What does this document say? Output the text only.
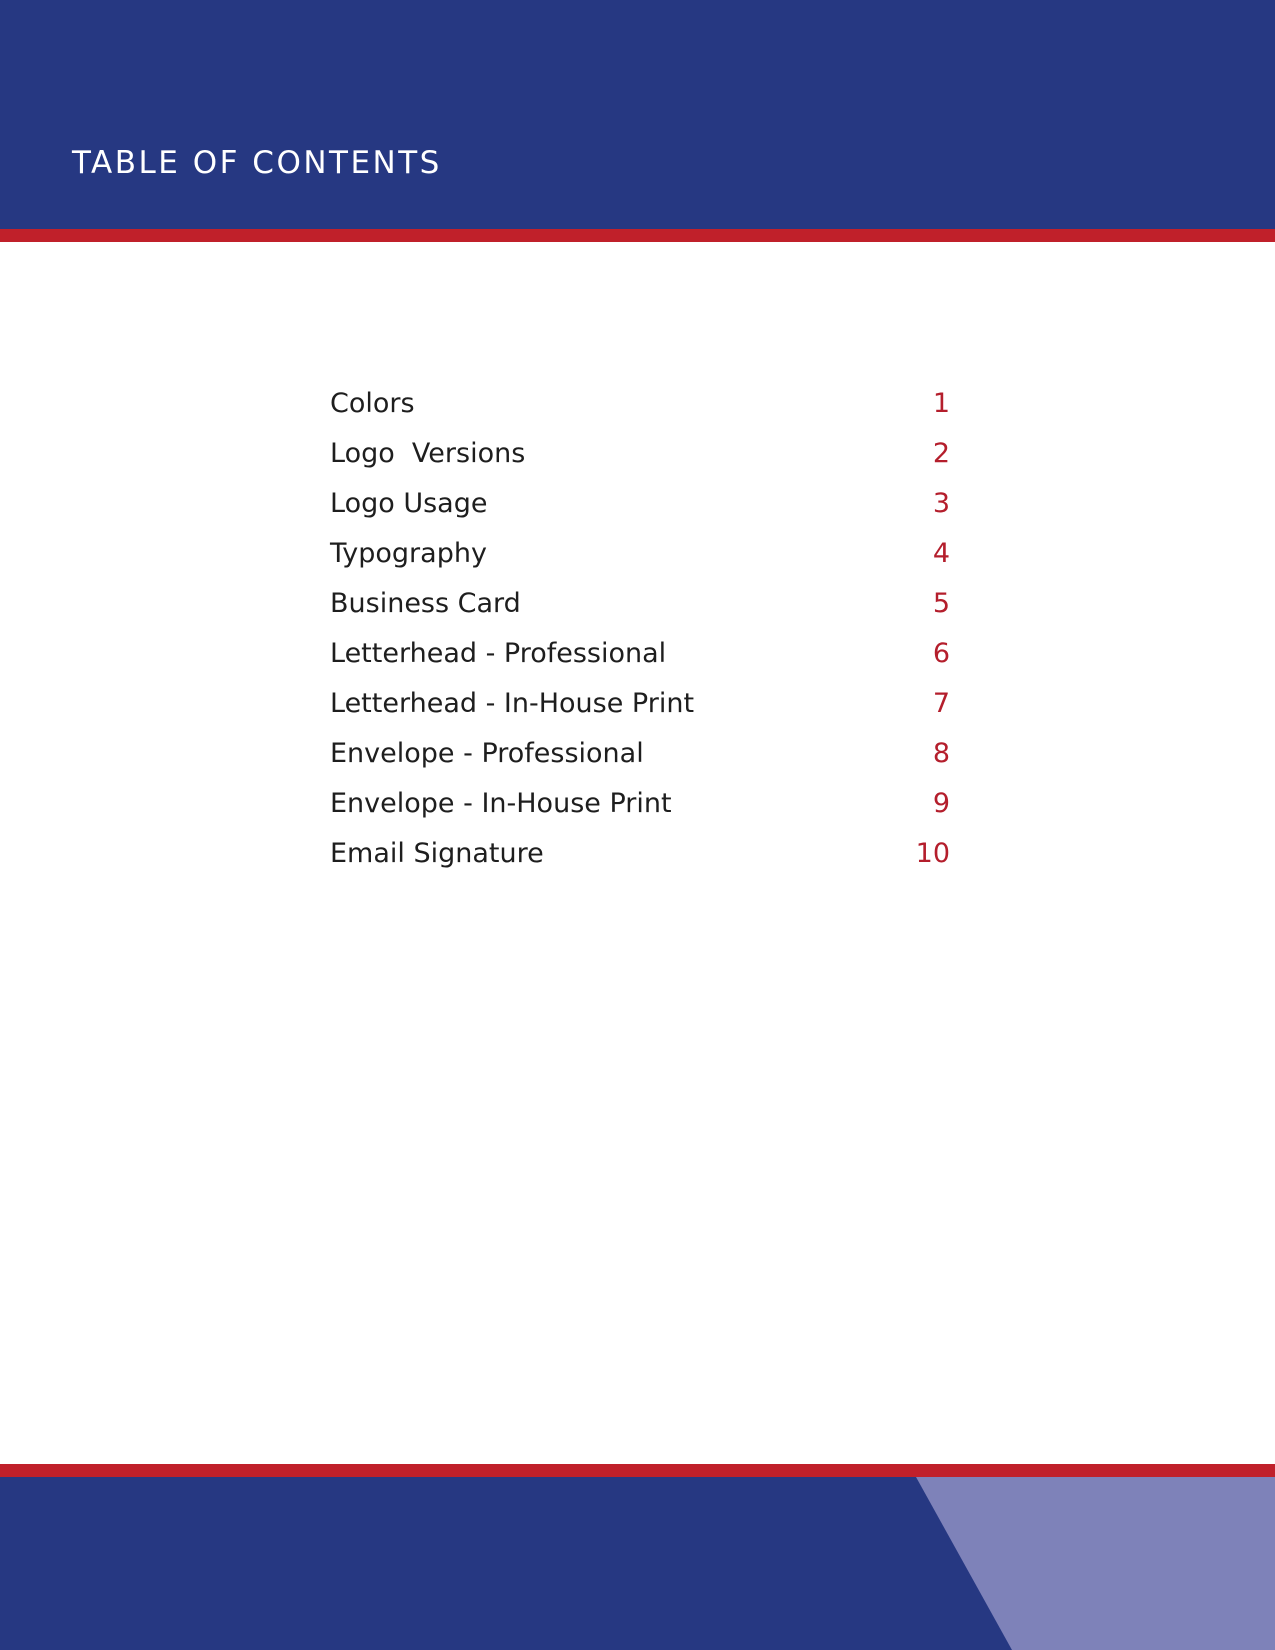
TABLE OF CONTENTS
Colors	1
Logo  Versions	2
Logo Usage	3
Typography	4
Business Card	5
Letterhead - Professional	6
Letterhead - In-House Print	7
Envelope - Professional	8
Envelope - In-House Print	9
Email Signature	10
